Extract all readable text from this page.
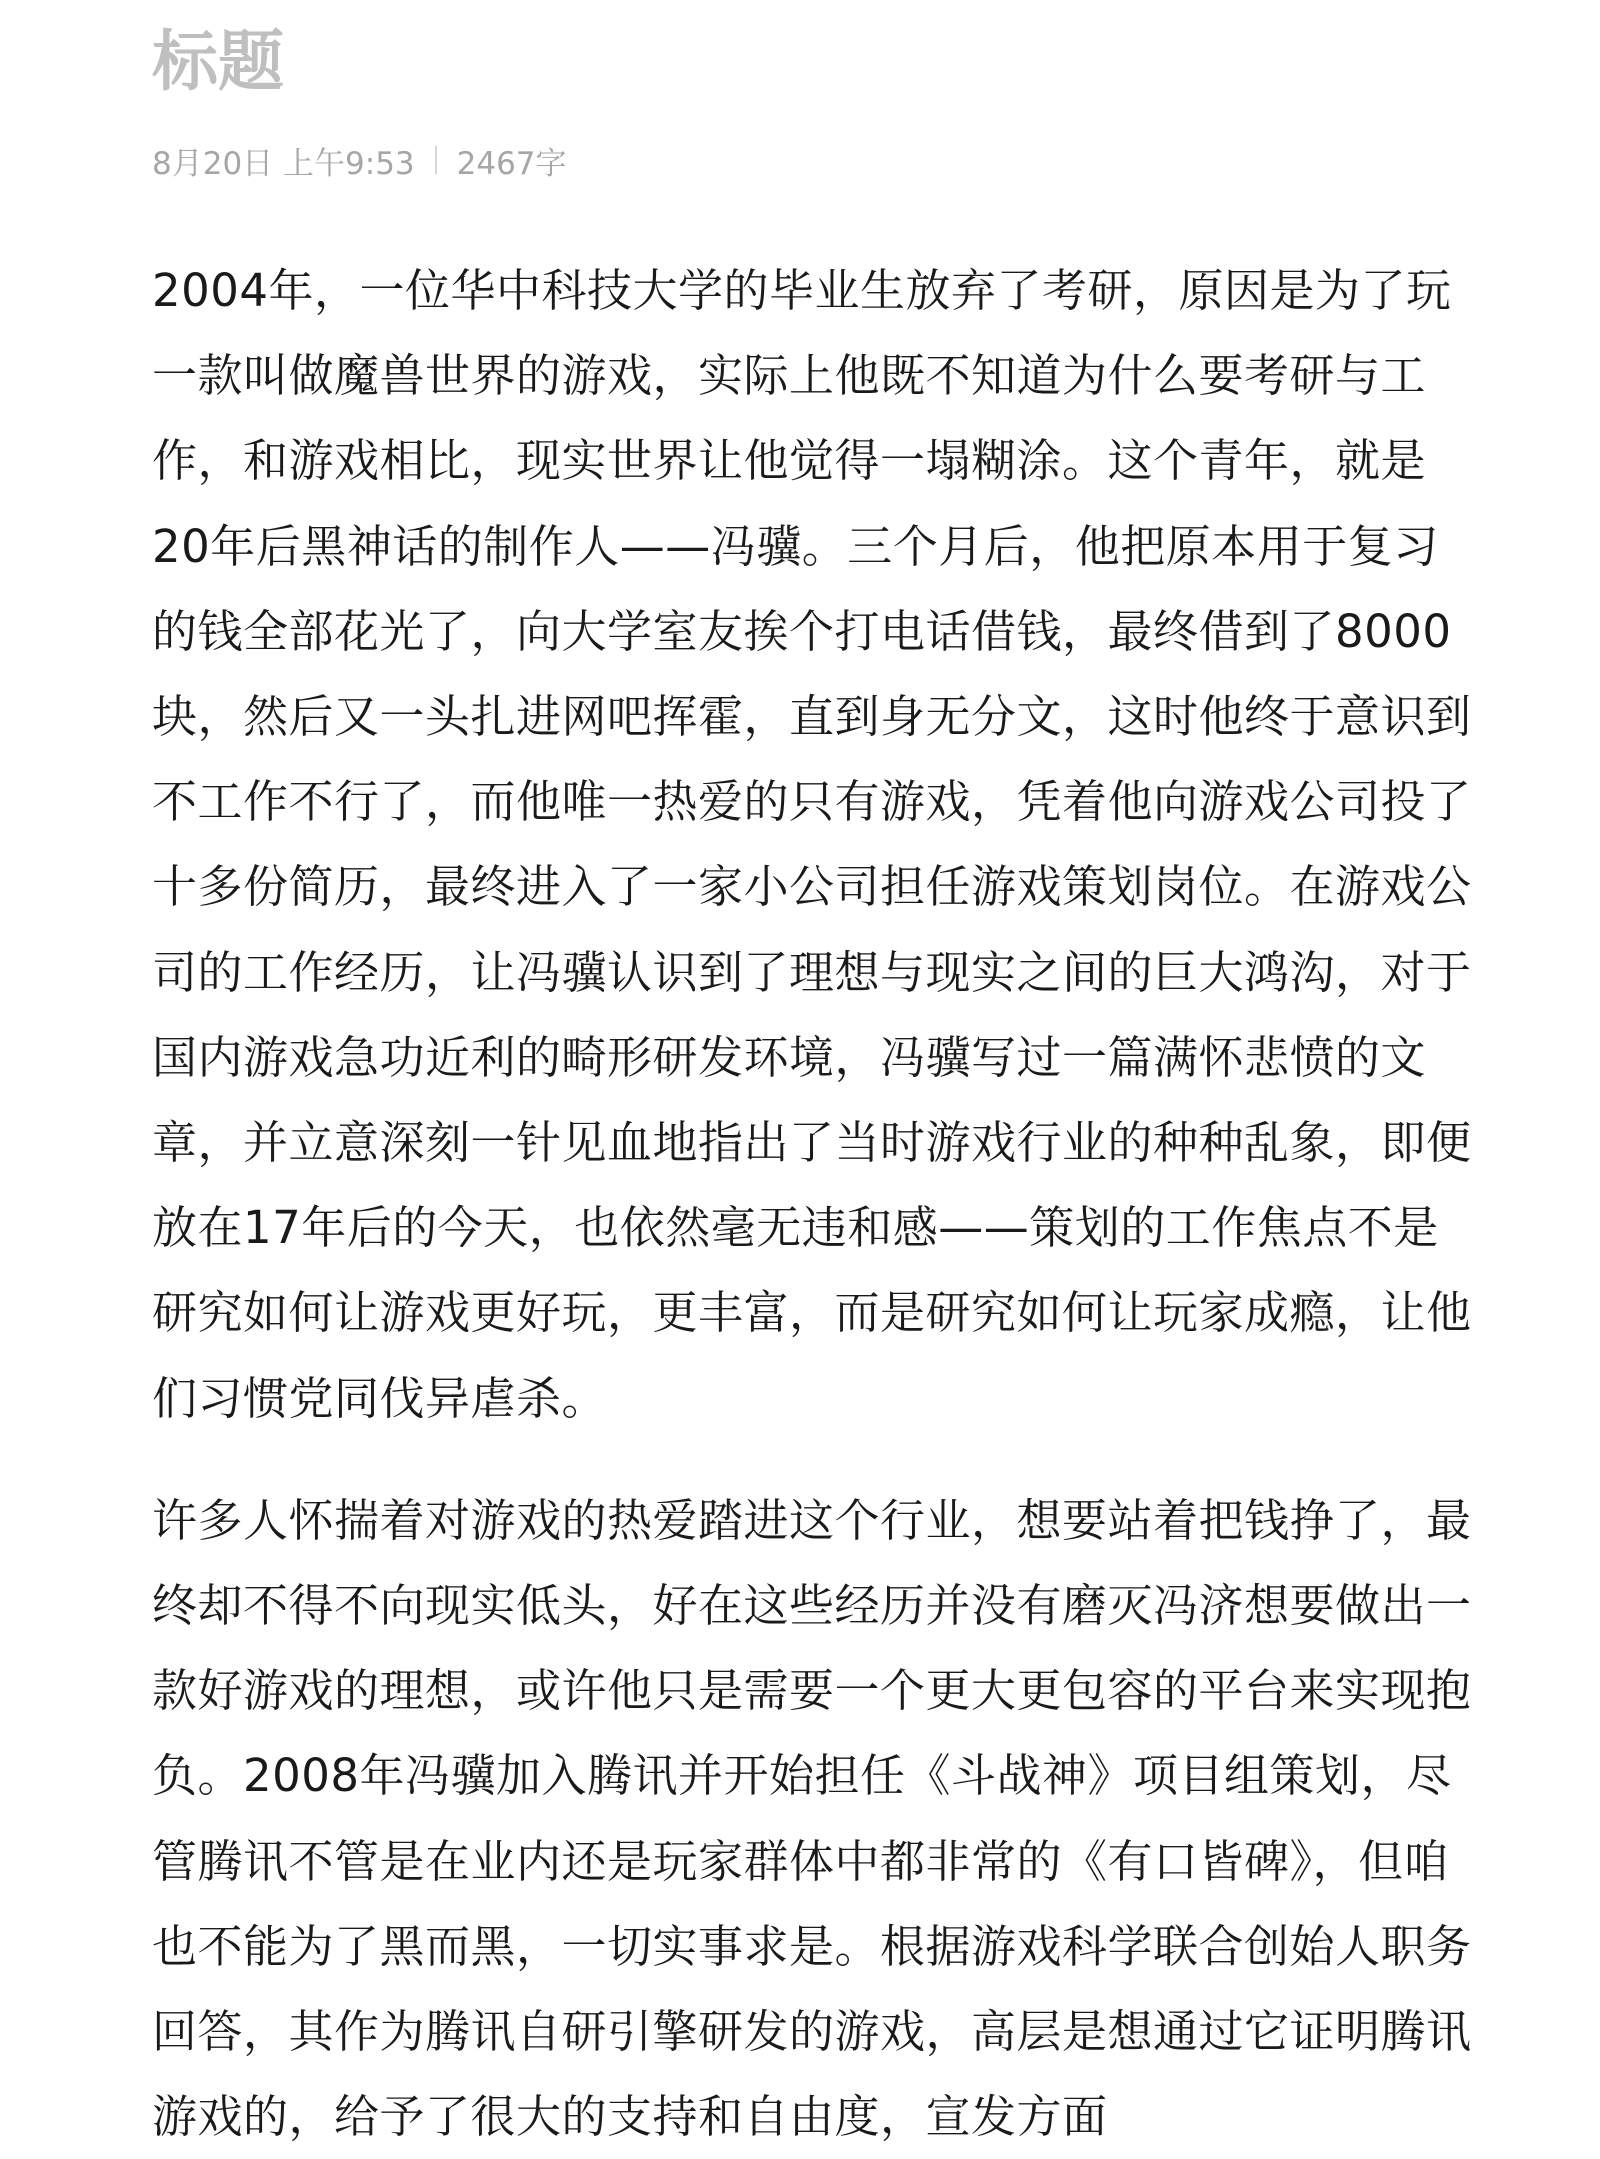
标题
8月20日 上午9:53 2467字

2004年，一位华中科技大学的毕业生放弃了考研，原因是为了玩一款叫做魔兽世界的游戏，实际上他既不知道为什么要考研与工作，和游戏相比，现实世界让他觉得一塌糊涂。这个青年，就是20年后黑神话的制作人——冯骥。三个月后，他把原本用于复习的钱全部花光了，向大学室友挨个打电话借钱，最终借到了8000块，然后又一头扎进网吧挥霍，直到身无分文，这时他终于意识到不工作不行了，而他唯一热爱的只有游戏，凭着他向游戏公司投了十多份简历，最终进入了一家小公司担任游戏策划岗位。在游戏公司的工作经历，让冯骥认识到了理想与现实之间的巨大鸿沟，对于国内游戏急功近利的畸形研发环境，冯骥写过一篇满怀悲愤的文章，并立意深刻一针见血地指出了当时游戏行业的种种乱象，即便放在17年后的今天，也依然毫无违和感——策划的工作焦点不是研究如何让游戏更好玩，更丰富，而是研究如何让玩家成瘾，让他们习惯党同伐异虐杀。

许多人怀揣着对游戏的热爱踏进这个行业，想要站着把钱挣了，最终却不得不向现实低头，好在这些经历并没有磨灭冯济想要做出一款好游戏的理想，或许他只是需要一个更大更包容的平台来实现抱负。2008年冯骥加入腾讯并开始担任《斗战神》项目组策划，尽管腾讯不管是在业内还是玩家群体中都非常的《有口皆碑》，但咱也不能为了黑而黑，一切实事求是。根据游戏科学联合创始人职务回答，其作为腾讯自研引擎研发的游戏，高层是想通过它证明腾讯游戏的，给予了很大的支持和自由度，宣发方面
